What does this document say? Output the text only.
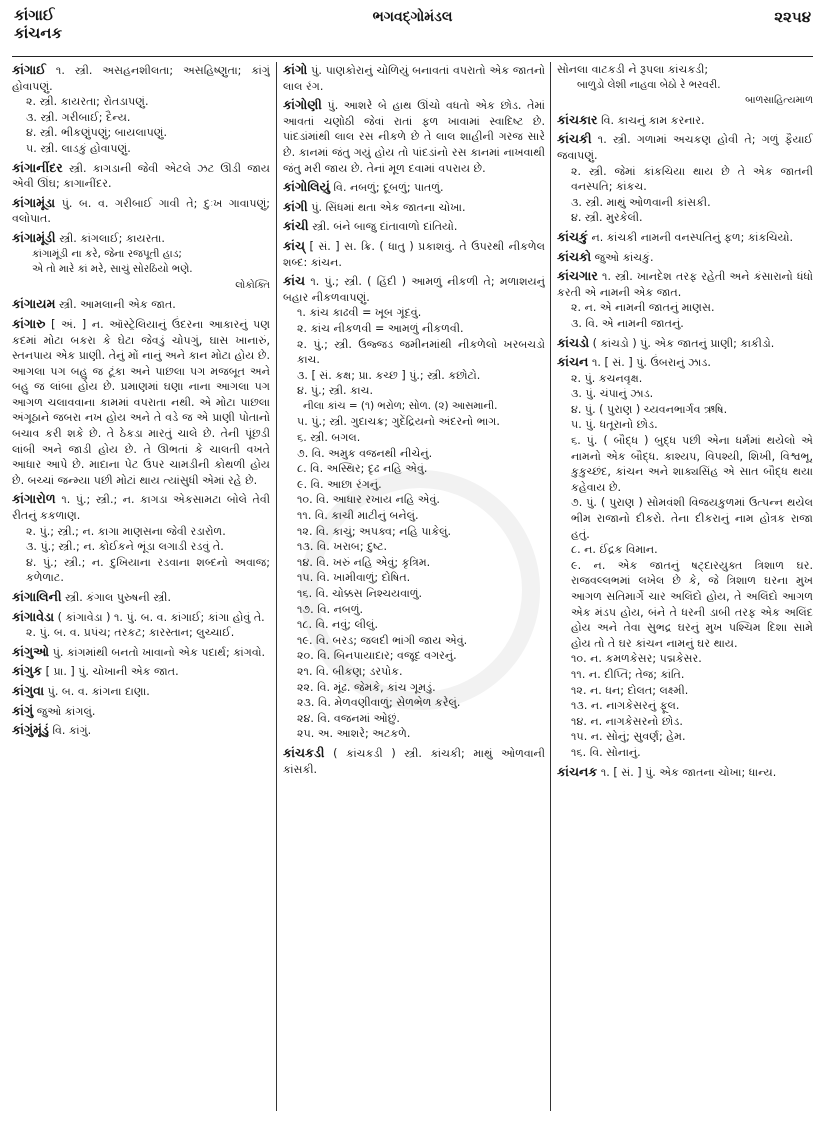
કાંગાઈ
કાંચનક
ભગવદ્ગોમંડલ	૨૨૫૪

કાંગાઈ ૧. સ્ત્રી. અસહનશીલતા; અસહિષ્ણુતા; કાંગું હોવાપણું.

૨. સ્ત્રી. કાયરતા; રોતડાપણું.

૩. સ્ત્રી. ગરીબાઈ; દૈન્ય.

૪. સ્ત્રી. ભીકણુંપણું; બાયલાપણું.

૫. સ્ત્રી. લાડકું હોવાપણું.

કાંગાનીંદર સ્ત્રી. કાગડાની જેવી એટલે ઝટ ઊડી જાય એવી ઊંઘ; કાગાનીંદર.

કાંગામૂંડા પું. બ. વ. ગરીબાઈ ગાવી તે; દુઃખ ગાવાપણું; વલોપાત.

કાંગામૂંડી સ્ત્રી. કાંગલાઈ; કાયરતા.

કાંગામૂંડી ના કરે, જેના રજપૂતી હાડ;

એ તો મારે કાં મરે, સાચું સોરઠિયો ભણે.

લોકોક્તિ

કાંગાયમ સ્ત્રી. આમલાની એક જાત.

કાંગારુ [ અં. ] ન. ઑસ્ટ્રેલિયાનું ઉંદરના આકારનું પણ કદમાં મોટા બકરા કે ઘેટા જેવડું ચોપગું, ઘાસ ખાનારું, સ્તનપાય એક પ્રાણી. તેનું મોં નાનું અને કાન મોટા હોય છે. આગલા પગ બહુ જ ટૂંકા અને પાછલા પગ મજબૂત અને બહુ જ લાંબા હોય છે. પ્રમાણમાં ઘણા નાના આગલા પગ આગળ ચલાવવાના કામમાં વપરાતા નથી. એ મોટા પાછલા અંગૂઠાને જબરા નખ હોય અને તે વડે જ એ પ્રાણી પોતાનો બચાવ કરી શકે છે. તે ઠેકડા મારતું ચાલે છે. તેની પૂંછડી લાંબી અને જાડી હોય છે. તે ઊભતાં કે ચાલતી વખતે આધાર આપે છે. માદાના પેટ ઉપર ચામડીની કોથળી હોય છે. બચ્ચાં જન્મ્યા પછી મોટાં થાય ત્યાંસુધી એમાં રહે છે.

કાંગારોળ ૧. પું.; સ્ત્રી.; ન. કાગડા એકસામટા બોલે તેવી રીતનું કકળાણ.

૨. પું.; સ્ત્રી.; ન. કાગા માણસના જેવી રડારોળ.

૩. પું.; સ્ત્રી.; ન. કોઈકને ભૂંડા લગાડી રડવું તે.

૪. પું.; સ્ત્રી.; ન. દુખિયાના રડવાના શબ્દનો અવાજ; કળેળાટ.

કાંગાલિની સ્ત્રી. કંગાલ પુરુષની સ્ત્રી.

કાંગાવેડા ( કાંગાવેડા ) ૧. પું. બ. વ. કાંગાઈ; કાંગા હોવું તે.

૨. પું. બ. વ. પ્રપંચ; તરકટ; કારસ્તાન; લુચ્ચાઈ.

કાંગુઓ પું. કાંગમાંથી બનતો ખાવાનો એક પદાર્થ; કાંગવો.

કાંગુક [ પ્રા. ] પું. ચોખાની એક જાત.

કાંગુવા પું. બ. વ. કાંગના દાણા.

કાંગું જુઓ કાંગલું.

કાંગુંમૂંડું વિ. કાંગું.

કાંગો પું. પાણકોરાનું ચોળિયું બનાવતાં વપરાતો એક જાતનો લાલ રંગ.

કાંગોણી પું. આશરે બે હાથ ઊંચો વધતો એક છોડ. તેમાં આવતાં ચણોઠી જેવાં રાતાં ફળ ખાવામાં સ્વાદિષ્ટ છે. પાંદડાંમાંથી લાલ રસ નીકળે છે તે લાલ શાહીની ગરજ સારે છે. કાનમાં જંતુ ગયું હોય તો પાંદડાંનો રસ કાનમાં નાખવાથી જંતુ મરી જાય છે. તેનાં મૂળ દવામાં વપરાય છે.

કાંગોલિયું વિ. નબળું; દૂબળું; પાતળું.

કાંગી પું. સિંધમાં થતા એક જાતના ચોખા.

કાંચી સ્ત્રી. બંને બાજુ દાંતાવાળો દાંતિયો.

કાંચ્ [ સં. ] સ. ક્રિ. ( ધાતુ ) પ્રકાશવું. તે ઉપરથી નીકળેલ શબ્દ: કાંચન.

કાંચ ૧. પું.; સ્ત્રી. ( હિંદી ) આમળું નીકળી તે; મળાશયનું બહાર નીકળવાપણું.

૧. કાંચ કાઢવી = ખૂબ ગૂંદવું.

૨. કાંચ નીકળવી = આમળું નીકળવી.

૨. પું.; સ્ત્રી. ઉજ્જડ જમીનમાંથી નીકળેલો ખરબચડો કાચ.

૩. [ સં. કક્ષ; પ્રા. કચ્છ ] પું.; સ્ત્રી. કછોટો.

૪. પું.; સ્ત્રી. કાચ.

નીલા કાંચ = (૧) ભરોળ; સોળ. (૨) આસમાની.

૫. પું.; સ્ત્રી. ગુદાચક્ર; ગુદેંદ્રિયનો અંદરનો ભાગ.

૬. સ્ત્રી. બગલ.

૭. વિ. અમુક વજનથી નીચેનું.

૮. વિ. અસ્થિર; દૃઢ નહિ એવું.

૯. વિ. આછા રંગનું.

૧૦. વિ. આધાર રખાય નહિ એવું.

૧૧. વિ. કાચી માટીનું બનેલું.

૧૨. વિ. કાચું; અપક્વ; નહિ પાકેલું.

૧૩. વિ. ખરાબ; દુષ્ટ.

૧૪. વિ. ખરું નહિ એવું; કૃત્રિમ.

૧૫. વિ. ખામીવાળું; દોષિત.

૧૬. વિ. ચોક્કસ નિશ્ચયવાળું.

૧૭. વિ. નબળું.

૧૮. વિ. નવું; લીલું.

૧૯. વિ. બરડ; જલદી ભાંગી જાય એવું.

૨૦. વિ. બિનપાયાદાર; વજૂદ વગરનું.

૨૧. વિ. બીકણ; ડરપોક.

૨૨. વિ. મૂંઢ. જેમકે, કાંચ ગૂમડું.

૨૩. વિ. મેળવણીવાળું; સેળભેળ કરેલું.

૨૪. વિ. વજનમાં ઓછું.

૨૫. અ. આશરે; અટકળે.

કાંચકડી ( કાંચકડી ) સ્ત્રી. કાંચકી; માથું ઓળવાની કાંસકી.

સોનલા વાટકડી ને રૂપલા કાંચકડી;

બાળુડો લેશી નાહવા બેઠો રે ભરવરી.

બાળસાહિત્યમાળ

કાંચકાર વિ. કાચનું કામ કરનાર.

કાંચકી ૧. સ્ત્રી. ગળામાં અચકણ હોવી તે; ગળું ફૈયાઈ જવાપણું.

૨. સ્ત્રી. જેમાં કાંકચિયા થાય છે તે એક જાતની વનસ્પતિ; કાંકચ.

૩. સ્ત્રી. માથું ઓળવાની કાંસકી.

૪. સ્ત્રી. મુરકેલી.

કાંચકું ન. કાંચકી નામની વનસ્પતિનું ફળ; કાંકચિયો.

કાંચકો જુઓ કાંચકું.

કાંચગાર ૧. સ્ત્રી. ખાનદેશ તરફ રહેતી અને કંસારાનો ધંધો કરતી એ નામની એક જાત.

૨. ન. એ નામની જાતનું માણસ.

૩. વિ. એ નામની જાતનું.

કાંચડો ( કાંચડો ) પું. એક જાતનું પ્રાણી; કાકીડો.

કાંચન ૧. [ સં. ] પું. ઉંબરાનું ઝાડ.

૨. પું. કચનવૃક્ષ.

૩. પું. ચંપાનું ઝાડ.

૪. પું. ( પુરાણ ) ચ્યવનભાર્ગવ ઋષિ.

૫. પું. ધતૂરાનો છોડ.

૬. પું. ( બૌદ્ધ ) બુદ્ધ પછી એના ધર્મમાં થયેલો એ નામનો એક બૌદ્ધ. કાશ્યપ, વિપશ્યી, શિખી, વિશ્વભૂ, કુકુચ્છંદ, કાંચન અને શાક્યસિંહ એ સાત બૌદ્ધ થયા કહેવાય છે.

૭. પું. ( પુરાણ ) સોમવંશી વિજયકુળમાં ઉત્પન્ન થયેલ ભીમ રાજાનો દીકરો. તેના દીકરાનું નામ હોત્રક રાજા હતું.

૮. ન. ઈંદ્રક વિમાન.

૯. ન. એક જાતનું ષટ્દારયુક્ત ત્રિશાળ ઘર. રાજવલ્લભમાં લખેલ છે કે, જે ત્રિશાળ ઘરના મુખ આગળ સતિમાર્ગે ચાર અલિંદો હોય, તે અલિંદો આગળ એક મંડપ હોય, બંને તે ધરની ડાબી તરફ એક અલિંદ હોય અને તેવા સુભદ્ર ઘરનું મુખ પશ્ચિમ દિશા સામે હોય તો તે ઘર કાંચન નામનું ઘર થાય.

૧૦. ન. કમળકેસર; પદ્મકેસર.

૧૧. ન. દીપ્તિ; તેજ; કાંતિ.

૧૨. ન. ધન; દોલત; લક્ષ્મી.

૧૩. ન. નાગકેસરનું ફૂલ.

૧૪. ન. નાગકેસરનો છોડ.

૧૫. ન. સોનું; સુવર્ણ; હેમ.

૧૬. વિ. સોનાનું.

કાંચનક ૧. [ સં. ] પું. એક જાતના ચોખા; ધાન્ય.
